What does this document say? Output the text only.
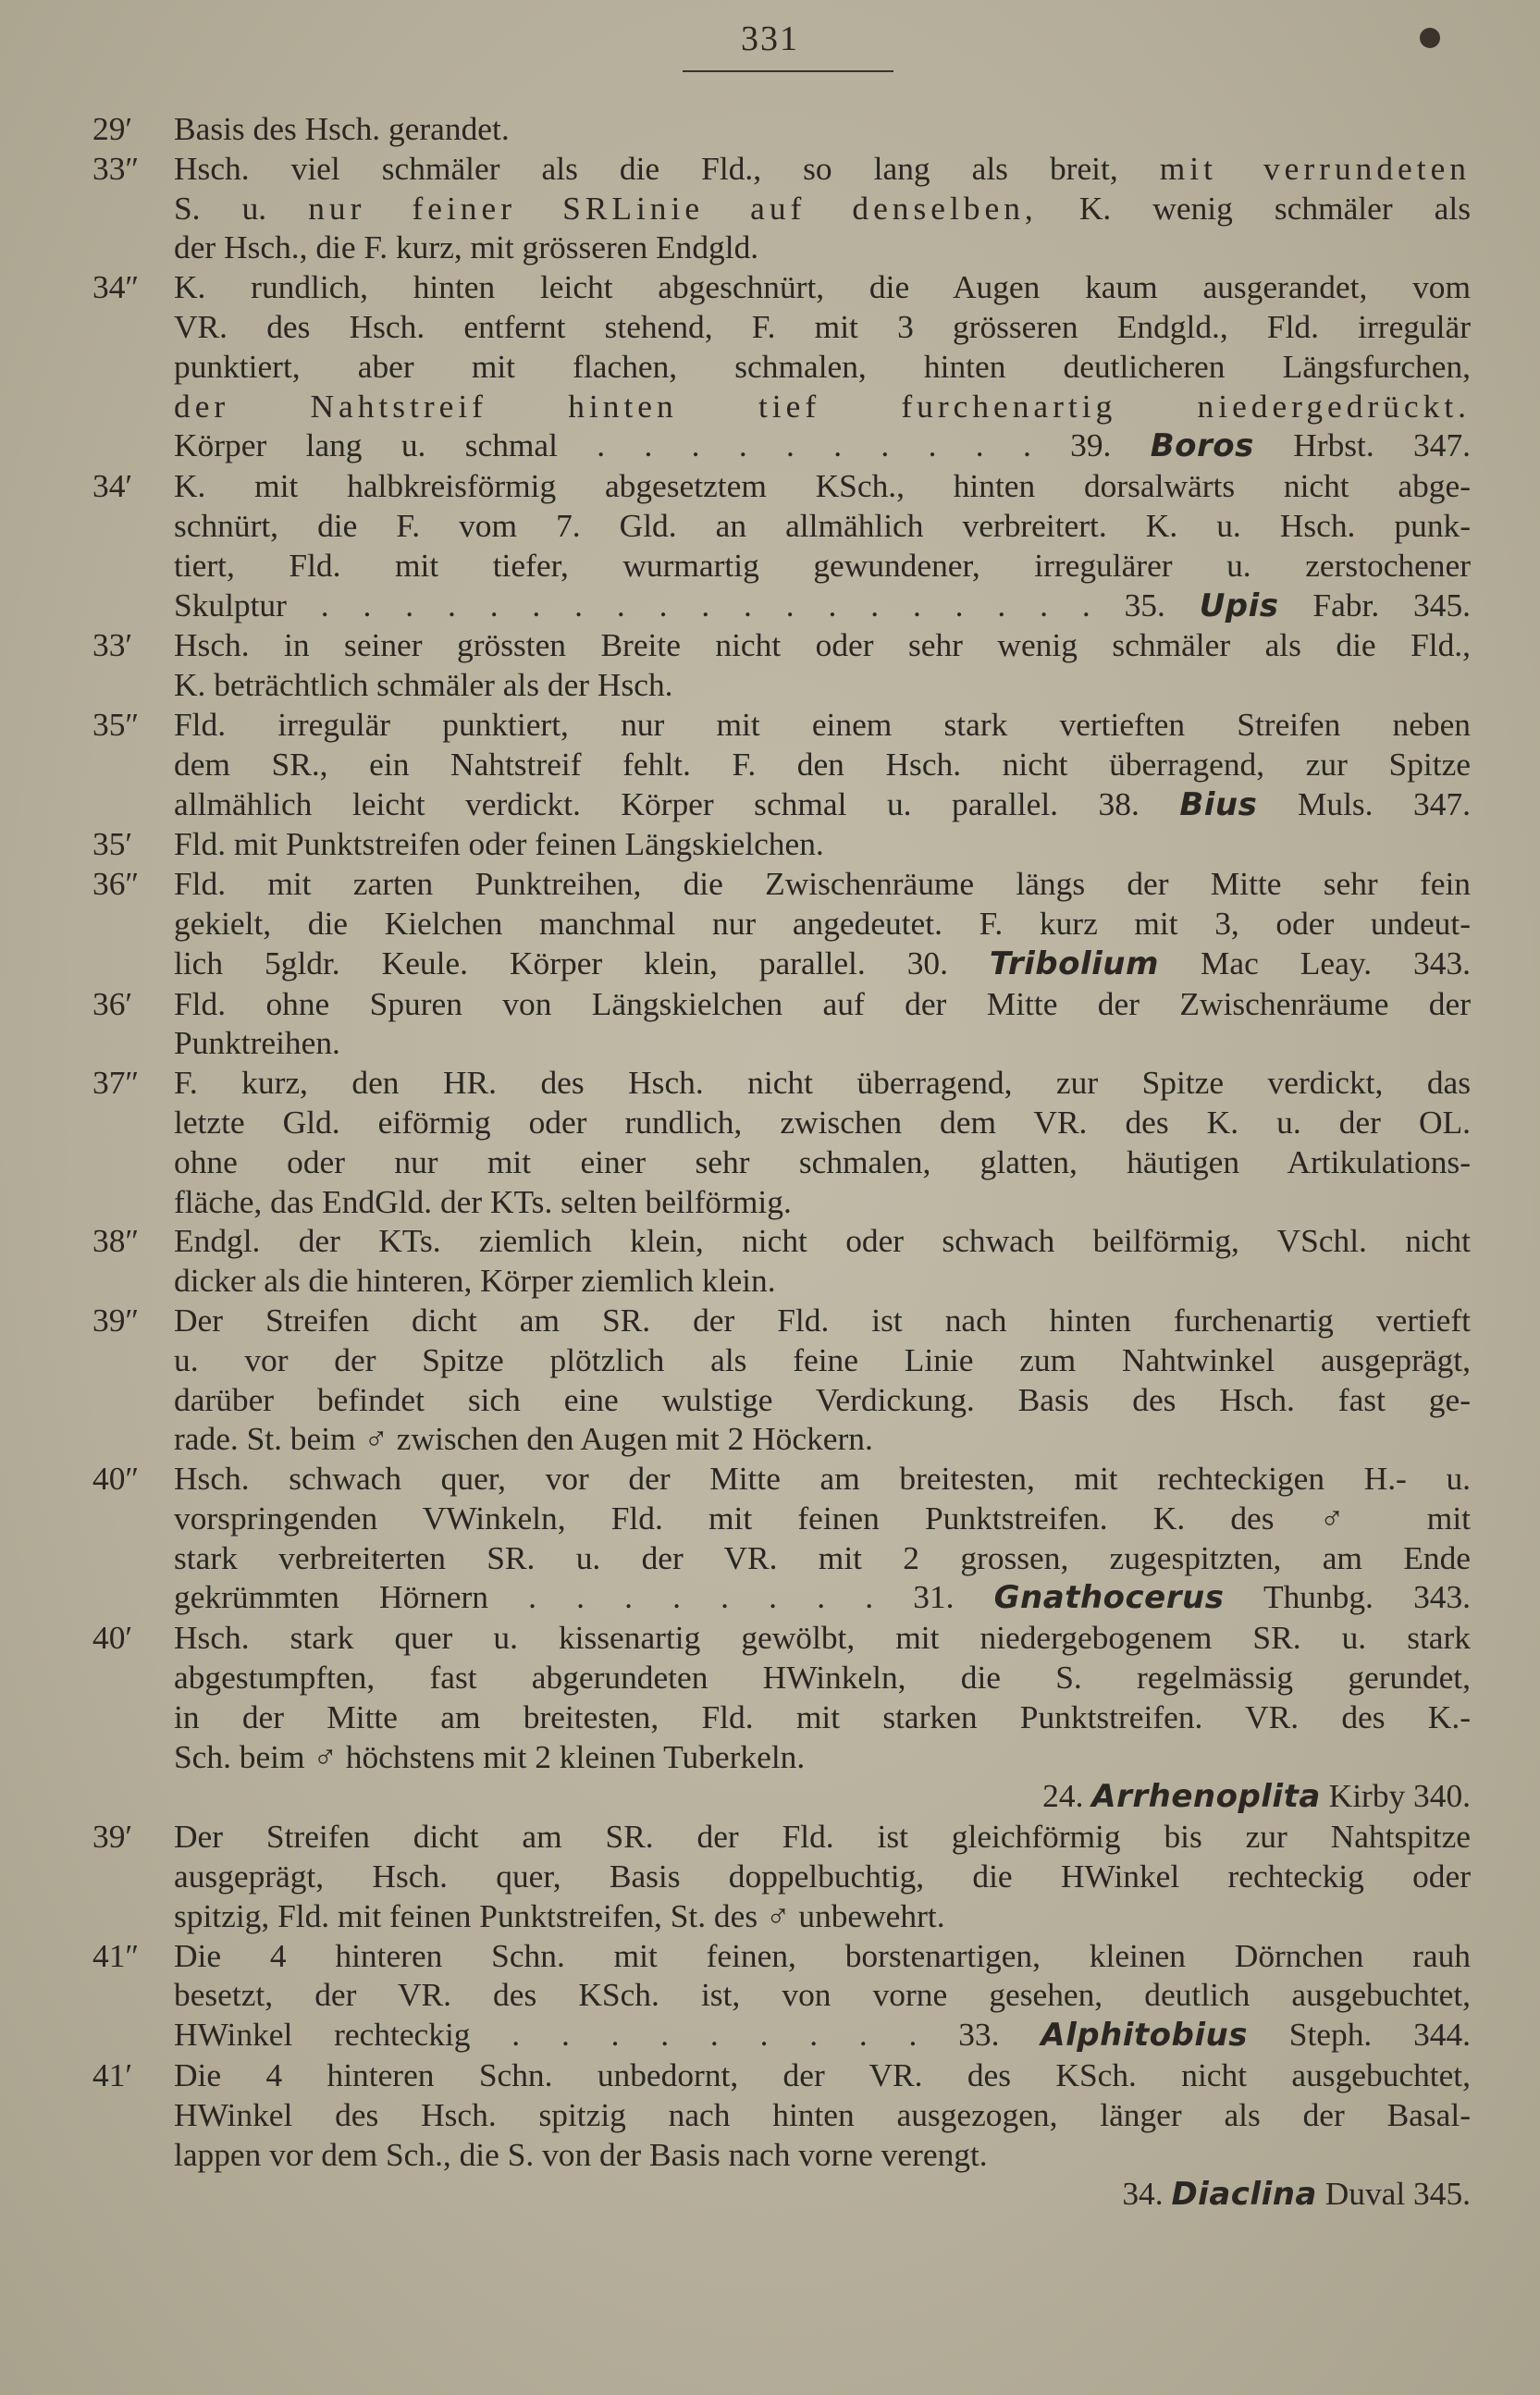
331
29′	Basis des Hsch. gerandet.
33″	Hsch. viel schmäler als die Fld., so lang als breit, mit verrundeten
S. u. nur feiner SRLinie auf denselben, K. wenig schmäler als
der Hsch., die F. kurz, mit grösseren Endgld.
34″	K. rundlich, hinten leicht abgeschnürt, die Augen kaum ausgerandet, vom
VR. des Hsch. entfernt stehend, F. mit 3 grösseren Endgld., Fld. irregulär
punktiert, aber mit flachen, schmalen, hinten deutlicheren Längsfurchen,
der Nahtstreif hinten tief furchenartig niedergedrückt.
Körper lang u. schmal . . . . . . . . . . 39. Boros Hrbst. 347.
34′	K. mit halbkreisförmig abgesetztem KSch., hinten dorsalwärts nicht abge-
schnürt, die F. vom 7. Gld. an allmählich verbreitert. K. u. Hsch. punk-
tiert, Fld. mit tiefer, wurmartig gewundener, irregulärer u. zerstochener
Skulptur . . . . . . . . . . . . . . . . . . . 35. Upis Fabr. 345.
33′	Hsch. in seiner grössten Breite nicht oder sehr wenig schmäler als die Fld.,
K. beträchtlich schmäler als der Hsch.
35″	Fld. irregulär punktiert, nur mit einem stark vertieften Streifen neben
dem SR., ein Nahtstreif fehlt. F. den Hsch. nicht überragend, zur Spitze
allmählich leicht verdickt. Körper schmal u. parallel. 38. Bius Muls. 347.
35′	Fld. mit Punktstreifen oder feinen Längskielchen.
36″	Fld. mit zarten Punktreihen, die Zwischenräume längs der Mitte sehr fein
gekielt, die Kielchen manchmal nur angedeutet. F. kurz mit 3, oder undeut-
lich 5gldr. Keule. Körper klein, parallel. 30. Tribolium Mac Leay. 343.
36′	Fld. ohne Spuren von Längskielchen auf der Mitte der Zwischenräume der
Punktreihen.
37″	F. kurz, den HR. des Hsch. nicht überragend, zur Spitze verdickt, das
letzte Gld. eiförmig oder rundlich, zwischen dem VR. des K. u. der OL.
ohne oder nur mit einer sehr schmalen, glatten, häutigen Artikulations-
fläche, das EndGld. der KTs. selten beilförmig.
38″	Endgl. der KTs. ziemlich klein, nicht oder schwach beilförmig, VSchl. nicht
dicker als die hinteren, Körper ziemlich klein.
39″	Der Streifen dicht am SR. der Fld. ist nach hinten furchenartig vertieft
u. vor der Spitze plötzlich als feine Linie zum Nahtwinkel ausgeprägt,
darüber befindet sich eine wulstige Verdickung. Basis des Hsch. fast ge-
rade. St. beim ♂ zwischen den Augen mit 2 Höckern.
40″	Hsch. schwach quer, vor der Mitte am breitesten, mit rechteckigen H.- u.
vorspringenden VWinkeln, Fld. mit feinen Punktstreifen. K. des ♂ mit
stark verbreiterten SR. u. der VR. mit 2 grossen, zugespitzten, am Ende
gekrümmten Hörnern . . . . . . . . 31. Gnathocerus Thunbg. 343.
40′	Hsch. stark quer u. kissenartig gewölbt, mit niedergebogenem SR. u. stark
abgestumpften, fast abgerundeten HWinkeln, die S. regelmässig gerundet,
in der Mitte am breitesten, Fld. mit starken Punktstreifen. VR. des K.-
Sch. beim ♂ höchstens mit 2 kleinen Tuberkeln.
24. Arrhenoplita Kirby 340.
39′	Der Streifen dicht am SR. der Fld. ist gleichförmig bis zur Nahtspitze
ausgeprägt, Hsch. quer, Basis doppelbuchtig, die HWinkel rechteckig oder
spitzig, Fld. mit feinen Punktstreifen, St. des ♂ unbewehrt.
41″	Die 4 hinteren Schn. mit feinen, borstenartigen, kleinen Dörnchen rauh
besetzt, der VR. des KSch. ist, von vorne gesehen, deutlich ausgebuchtet,
HWinkel rechteckig . . . . . . . . . 33. Alphitobius Steph. 344.
41′	Die 4 hinteren Schn. unbedornt, der VR. des KSch. nicht ausgebuchtet,
HWinkel des Hsch. spitzig nach hinten ausgezogen, länger als der Basal-
lappen vor dem Sch., die S. von der Basis nach vorne verengt.
34. Diaclina Duval 345.
